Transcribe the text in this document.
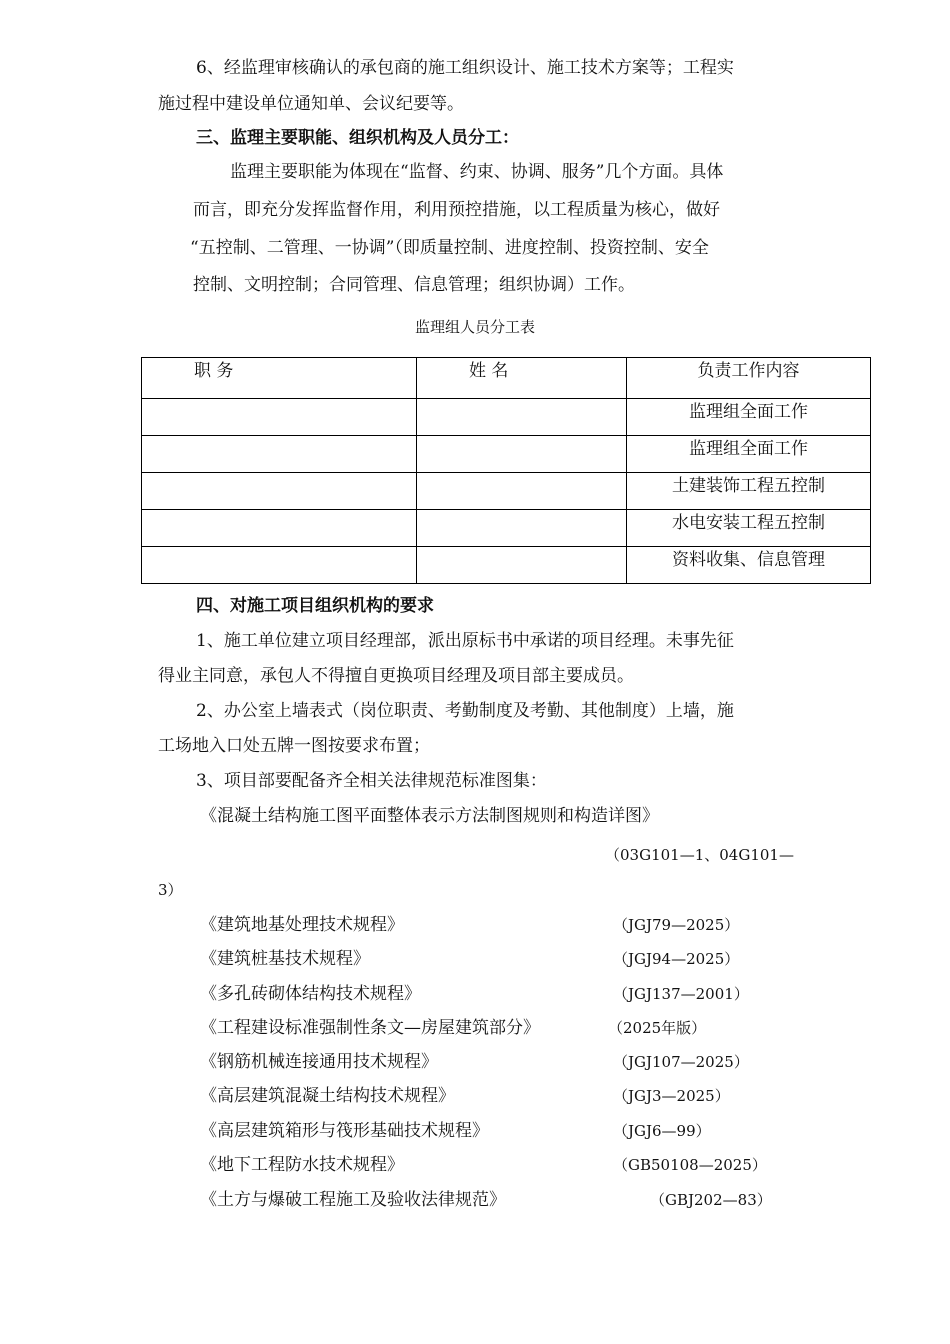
6、经监理审核确认的承包商的施工组织设计、施工技术方案等；工程实
施过程中建设单位通知单、会议纪要等。
三、监理主要职能、组织机构及人员分工：
监理主要职能为体现在“监督、约束、协调、服务”几个方面。具体
而言，即充分发挥监督作用，利用预控措施，以工程质量为核心，做好
“五控制、二管理、一协调”（即质量控制、进度控制、投资控制、安全
控制、文明控制；合同管理、信息管理；组织协调）工作。
监理组人员分工表
职 务	姓 名	负责工作内容
		监理组全面工作
		监理组全面工作
		土建装饰工程五控制
		水电安装工程五控制
		资料收集、信息管理
四、对施工项目组织机构的要求
1、施工单位建立项目经理部，派出原标书中承诺的项目经理。未事先征
得业主同意，承包人不得擅自更换项目经理及项目部主要成员。
2、办公室上墙表式（岗位职责、考勤制度及考勤、其他制度）上墙，施
工场地入口处五牌一图按要求布置；
3、项目部要配备齐全相关法律规范标准图集：
《混凝土结构施工图平面整体表示方法制图规则和构造详图》
（03G101—1、04G101—
3）
《建筑地基处理技术规程》	（JGJ79—2025）
《建筑桩基技术规程》	（JGJ94—2025）
《多孔砖砌体结构技术规程》	（JGJ137—2001）
《工程建设标准强制性条文—房屋建筑部分》	（2025年版）
《钢筋机械连接通用技术规程》	（JGJ107—2025）
《高层建筑混凝土结构技术规程》	（JGJ3—2025）
《高层建筑箱形与筏形基础技术规程》	（JGJ6—99）
《地下工程防水技术规程》	（GB50108—2025）
《土方与爆破工程施工及验收法律规范》	（GBJ202—83）
